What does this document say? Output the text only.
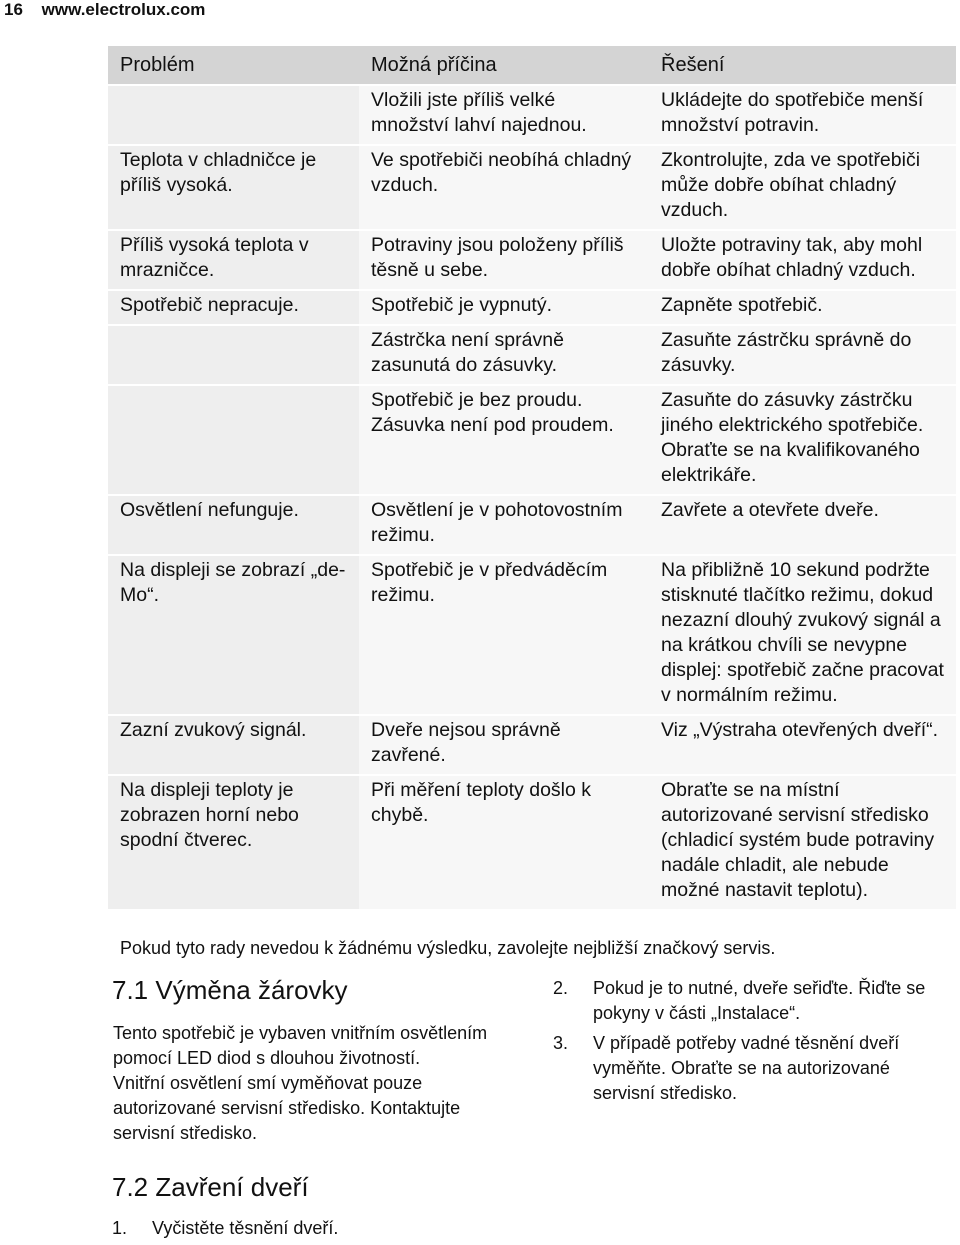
16 www.electrolux.com
Problém	Možná příčina	Řešení
	Vložili jste příliš velké množství lahví najednou.	Ukládejte do spotřebiče menší množství potravin.
Teplota v chladničce je příliš vysoká.	Ve spotřebiči neobíhá chladný vzduch.	Zkontrolujte, zda ve spotřebiči může dobře obíhat chladný vzduch.
Příliš vysoká teplota v mrazničce.	Potraviny jsou položeny příliš těsně u sebe.	Uložte potraviny tak, aby mohl dobře obíhat chladný vzduch.
Spotřebič nepracuje.	Spotřebič je vypnutý.	Zapněte spotřebič.
	Zástrčka není správně zasunutá do zásuvky.	Zasuňte zástrčku správně do zásuvky.
	Spotřebič je bez proudu. Zásuvka není pod proudem.	Zasuňte do zásuvky zástrčku jiného elektrického spotřebiče. Obraťte se na kvalifikovaného elektrikáře.
Osvětlení nefunguje.	Osvětlení je v pohotovostním režimu.	Zavřete a otevřete dveře.
Na displeji se zobrazí „de-Mo“.	Spotřebič je v předváděcím režimu.	Na přibližně 10 sekund podržte stisknuté tlačítko režimu, dokud nezazní dlouhý zvukový signál a na krátkou chvíli se nevypne displej: spotřebič začne pracovat v normálním režimu.
Zazní zvukový signál.	Dveře nejsou správně zavřené.	Viz „Výstraha otevřených dveří“.
Na displeji teploty je zobrazen horní nebo spodní čtverec.	Při měření teploty došlo k chybě.	Obraťte se na místní autorizované servisní středisko (chladicí systém bude potraviny nadále chladit, ale nebude možné nastavit teplotu).
Pokud tyto rady nevedou k žádnému výsledku, zavolejte nejbližší značkový servis.
7.1 Výměna žárovky

Tento spotřebič je vybaven vnitřním osvětlením pomocí LED diod s dlouhou životností.

Vnitřní osvětlení smí vyměňovat pouze autorizované servisní středisko. Kontaktujte servisní středisko.

2.	Pokud je to nutné, dveře seřiďte. Řiďte se pokyny v části „Instalace“.
3.	V případě potřeby vadné těsnění dveří vyměňte. Obraťte se na autorizované servisní středisko.
7.2 Zavření dveří
1.	Vyčistěte těsnění dveří.
